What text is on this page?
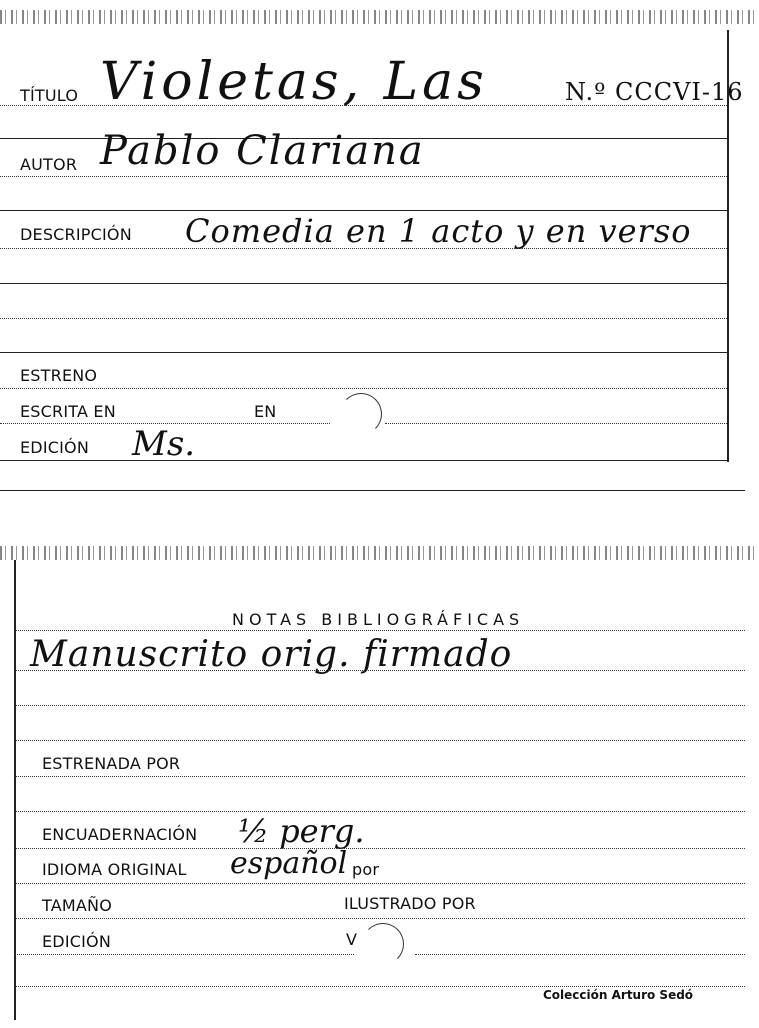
TÍTULO Violetas, Las	N.º CCCVI-16
AUTOR Pablo Clariana
DESCRIPCIÓN Comedia en 1 acto y en verso
ESTRENO
ESCRITA EN	EN
EDICIÓN Ms.
NOTAS BIBLIOGRÁFICAS
Manuscrito orig. firmado
ESTRENADA POR
ENCUADERNACIÓN ½ perg.
IDIOMA ORIGINAL español por
TAMAÑO	ILUSTRADO POR
EDICIÓN	V
Colección Arturo Sedó
